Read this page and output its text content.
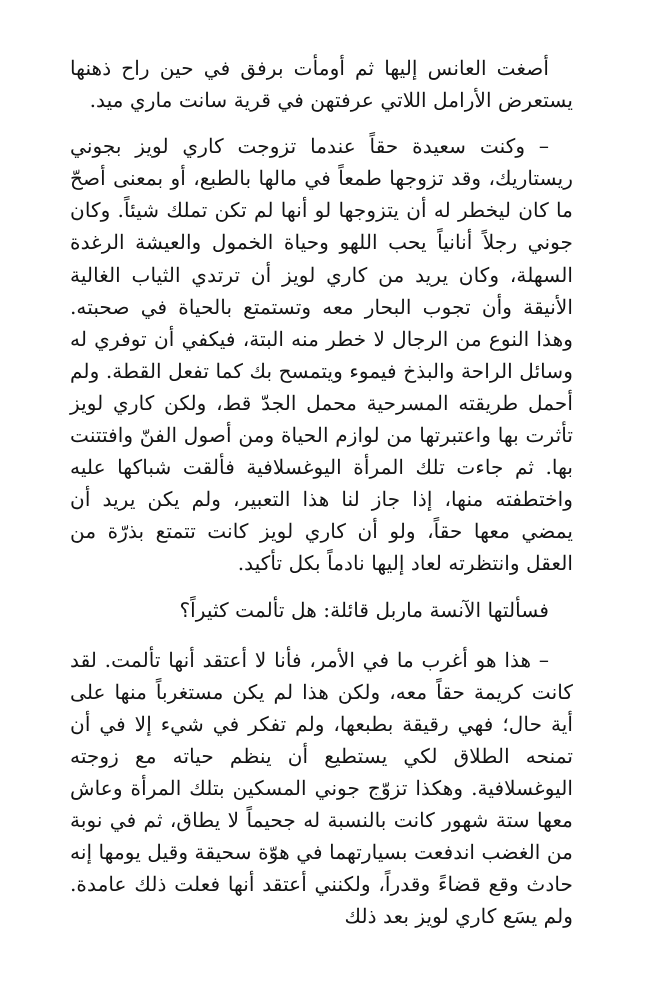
أصغت العانس إليها ثم أومأت برفق في حين راح ذهنها يستعرض الأرامل اللاتي عرفتهن في قرية سانت ماري ميد.

– وكنت سعيدة حقاً عندما تزوجت كاري لويز بجوني ريستاريك، وقد تزوجها طمعاً في مالها بالطبع، أو بمعنى أصحّ ما كان ليخطر له أن يتزوجها لو أنها لم تكن تملك شيئاً. وكان جوني رجلاً أنانياً يحب اللهو وحياة الخمول والعيشة الرغدة السهلة، وكان يريد من كاري لويز أن ترتدي الثياب الغالية الأنيقة وأن تجوب البحار معه وتستمتع بالحياة في صحبته. وهذا النوع من الرجال لا خطر منه البتة، فيكفي أن توفري له وسائل الراحة والبذخ فيموء ويتمسح بك كما تفعل القطة. ولم أحمل طريقته المسرحية محمل الجدّ قط، ولكن كاري لويز تأثرت بها واعتبرتها من لوازم الحياة ومن أصول الفنّ وافتتنت بها. ثم جاءت تلك المرأة اليوغسلافية فألقت شباكها عليه واختطفته منها، إذا جاز لنا هذا التعبير، ولم يكن يريد أن يمضي معها حقاً، ولو أن كاري لويز كانت تتمتع بذرّة من العقل وانتظرته لعاد إليها نادماً بكل تأكيد.

فسألتها الآنسة ماربل قائلة: هل تألمت كثيراً؟

– هذا هو أغرب ما في الأمر، فأنا لا أعتقد أنها تألمت. لقد كانت كريمة حقاً معه، ولكن هذا لم يكن مستغرباً منها على أية حال؛ فهي رقيقة بطبعها، ولم تفكر في شيء إلا في أن تمنحه الطلاق لكي يستطيع أن ينظم حياته مع زوجته اليوغسلافية. وهكذا تزوّج جوني المسكين بتلك المرأة وعاش معها ستة شهور كانت بالنسبة له جحيماً لا يطاق، ثم في نوبة من الغضب اندفعت بسيارتهما في هوّة سحيقة وقيل يومها إنه حادث وقع قضاءً وقدراً، ولكنني أعتقد أنها فعلت ذلك عامدة. ولم يسَع كاري لويز بعد ذلك
